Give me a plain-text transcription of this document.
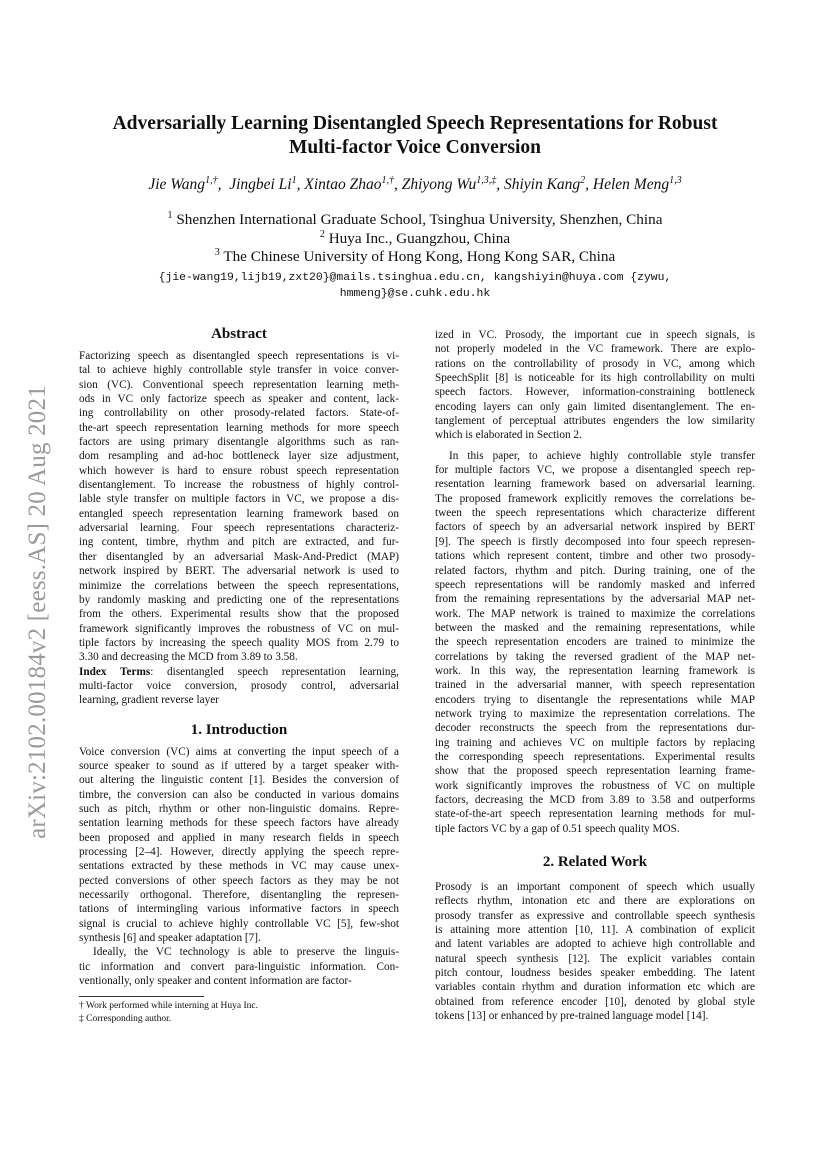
arXiv:2102.00184v2 [eess.AS] 20 Aug 2021
Adversarially Learning Disentangled Speech Representations for Robust
Multi-factor Voice Conversion
Jie Wang$^{1,\dagger}$,  Jingbei Li$^1$, Xintao Zhao$^{1,\dagger}$, Zhiyong $Wu^{1,3,\ddagger}$, Shiyin Kang$^2$, Helen Meng$^{1,3}$
$^1$ Shenzhen International Graduate School, Tsinghua University, Shenzhen, China
$^2$ Huya Inc., Guangzhou, China
$^3$ The Chinese University of Hong Kong, Hong Kong SAR, China
{jie-wang19,lijb19,zxt20}@mails.tsinghua.edu.cn, kangshiyin@huya.com {zywu,
hmmeng}@se.cuhk.edu.hk
Abstract

Factorizing speech as disentangled speech representations is vi-
tal to achieve highly controllable style transfer in voice conver-
sion (VC). Conventional speech representation learning meth-
ods in VC only factorize speech as speaker and content, lack-
ing controllability on other prosody-related factors. State-of-
the-art speech representation learning methods for more speech
factors are using primary disentangle algorithms such as ran-
dom resampling and ad-hoc bottleneck layer size adjustment,
which however is hard to ensure robust speech representation
disentanglement. To increase the robustness of highly control-
lable style transfer on multiple factors in VC, we propose a dis-
entangled speech representation learning framework based on
adversarial learning. Four speech representations characteriz-
ing content, timbre, rhythm and pitch are extracted, and fur-
ther disentangled by an adversarial Mask-And-Predict (MAP)
network inspired by BERT. The adversarial network is used to
minimize the correlations between the speech representations,
by randomly masking and predicting one of the representations
from the others. Experimental results show that the proposed
framework significantly improves the robustness of VC on mul-
tiple factors by increasing the speech quality MOS from 2.79 to
3.30 and decreasing the MCD from 3.89 to 3.58.

Index Terms: disentangled speech representation learning,
multi-factor voice conversion, prosody control, adversarial
learning, gradient reverse layer

1. Introduction

Voice conversion (VC) aims at converting the input speech of a
source speaker to sound as if uttered by a target speaker with-
out altering the linguistic content [1]. Besides the conversion of
timbre, the conversion can also be conducted in various domains
such as pitch, rhythm or other non-linguistic domains. Repre-
sentation learning methods for these speech factors have already
been proposed and applied in many research fields in speech
processing [2–4]. However, directly applying the speech repre-
sentations extracted by these methods in VC may cause unex-
pected conversions of other speech factors as they may be not
necessarily orthogonal. Therefore, disentangling the represen-
tations of intermingling various informative factors in speech
signal is crucial to achieve highly controllable VC [5], few-shot
synthesis [6] and speaker adaptation [7].

Ideally, the VC technology is able to preserve the linguis-
tic information and convert para-linguistic information. Con-
ventionally, only speaker and content information are factor-

† Work performed while interning at Huya Inc.

‡ Corresponding author.

ized in VC. Prosody, the important cue in speech signals, is
not properly modeled in the VC framework. There are explo-
rations on the controllability of prosody in VC, among which
SpeechSplit [8] is noticeable for its high controllability on multi
speech factors. However, information-constraining bottleneck
encoding layers can only gain limited disentanglement. The en-
tanglement of perceptual attributes engenders the low similarity
which is elaborated in Section 2.

In this paper, to achieve highly controllable style transfer
for multiple factors VC, we propose a disentangled speech rep-
resentation learning framework based on adversarial learning.
The proposed framework explicitly removes the correlations be-
tween the speech representations which characterize different
factors of speech by an adversarial network inspired by BERT
[9]. The speech is firstly decomposed into four speech represen-
tations which represent content, timbre and other two prosody-
related factors, rhythm and pitch. During training, one of the
speech representations will be randomly masked and inferred
from the remaining representations by the adversarial MAP net-
work. The MAP network is trained to maximize the correlations
between the masked and the remaining representations, while
the speech representation encoders are trained to minimize the
correlations by taking the reversed gradient of the MAP net-
work. In this way, the representation learning framework is
trained in the adversarial manner, with speech representation
encoders trying to disentangle the representations while MAP
network trying to maximize the representation correlations. The
decoder reconstructs the speech from the representations dur-
ing training and achieves VC on multiple factors by replacing
the corresponding speech representations. Experimental results
show that the proposed speech representation learning frame-
work significantly improves the robustness of VC on multiple
factors, decreasing the MCD from 3.89 to 3.58 and outperforms
state-of-the-art speech representation learning methods for mul-
tiple factors VC by a gap of 0.51 speech quality MOS.

2. Related Work

Prosody is an important component of speech which usually
reflects rhythm, intonation etc and there are explorations on
prosody transfer as expressive and controllable speech synthesis
is attaining more attention [10, 11]. A combination of explicit
and latent variables are adopted to achieve high controllable and
natural speech synthesis [12]. The explicit variables contain
pitch contour, loudness besides speaker embedding. The latent
variables contain rhythm and duration information etc which are
obtained from reference encoder [10], denoted by global style
tokens [13] or enhanced by pre-trained language model [14].
